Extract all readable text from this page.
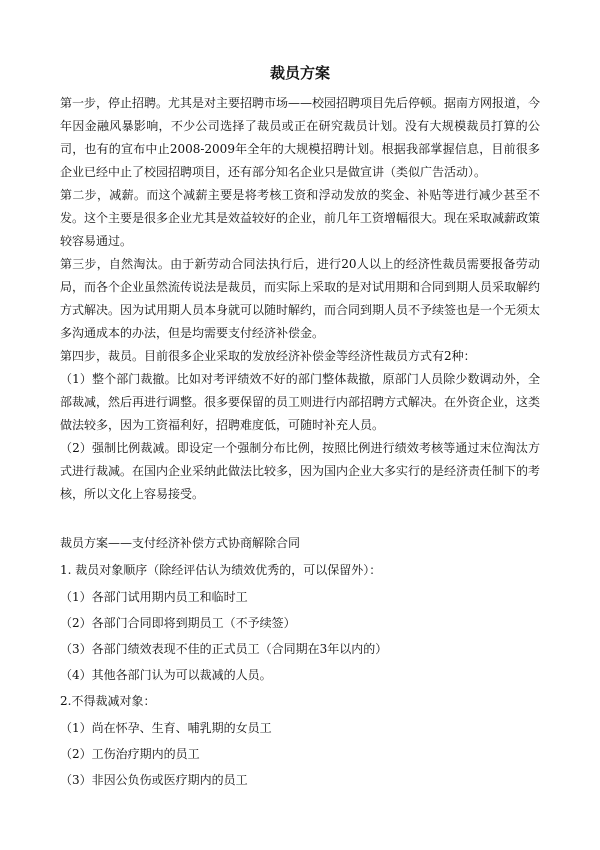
裁员方案

第一步，停止招聘。尤其是对主要招聘市场——校园招聘项目先后停顿。据南方网报道，今年因金融风暴影响，不少公司选择了裁员或正在研究裁员计划。没有大规模裁员打算的公司，也有的宣布中止2008-2009年全年的大规模招聘计划。根据我部掌握信息，目前很多企业已经中止了校园招聘项目，还有部分知名企业只是做宣讲（类似广告活动）。

第二步，减薪。而这个减薪主要是将考核工资和浮动发放的奖金、补贴等进行减少甚至不发。这个主要是很多企业尤其是效益较好的企业，前几年工资增幅很大。现在采取减薪政策较容易通过。

第三步，自然淘汰。由于新劳动合同法执行后，进行20人以上的经济性裁员需要报备劳动局，而各个企业虽然流传说法是裁员，而实际上采取的是对试用期和合同到期人员采取解约方式解决。因为试用期人员本身就可以随时解约，而合同到期人员不予续签也是一个无须太多沟通成本的办法，但是均需要支付经济补偿金。

第四步，裁员。目前很多企业采取的发放经济补偿金等经济性裁员方式有2种：

（1）整个部门裁撤。比如对考评绩效不好的部门整体裁撤，原部门人员除少数调动外，全部裁减，然后再进行调整。很多要保留的员工则进行内部招聘方式解决。在外资企业，这类做法较多，因为工资福利好，招聘难度低，可随时补充人员。

（2）强制比例裁减。即设定一个强制分布比例，按照比例进行绩效考核等通过末位淘汰方式进行裁减。在国内企业采纳此做法比较多，因为国内企业大多实行的是经济责任制下的考核，所以文化上容易接受。

裁员方案——支付经济补偿方式协商解除合同

1. 裁员对象顺序（除经评估认为绩效优秀的，可以保留外）：

（1）各部门试用期内员工和临时工

（2）各部门合同即将到期员工（不予续签）

（3）各部门绩效表现不佳的正式员工（合同期在3年以内的）

（4）其他各部门认为可以裁减的人员。

2.不得裁减对象：

（1）尚在怀孕、生育、哺乳期的女员工

（2）工伤治疗期内的员工

（3）非因公负伤或医疗期内的员工
